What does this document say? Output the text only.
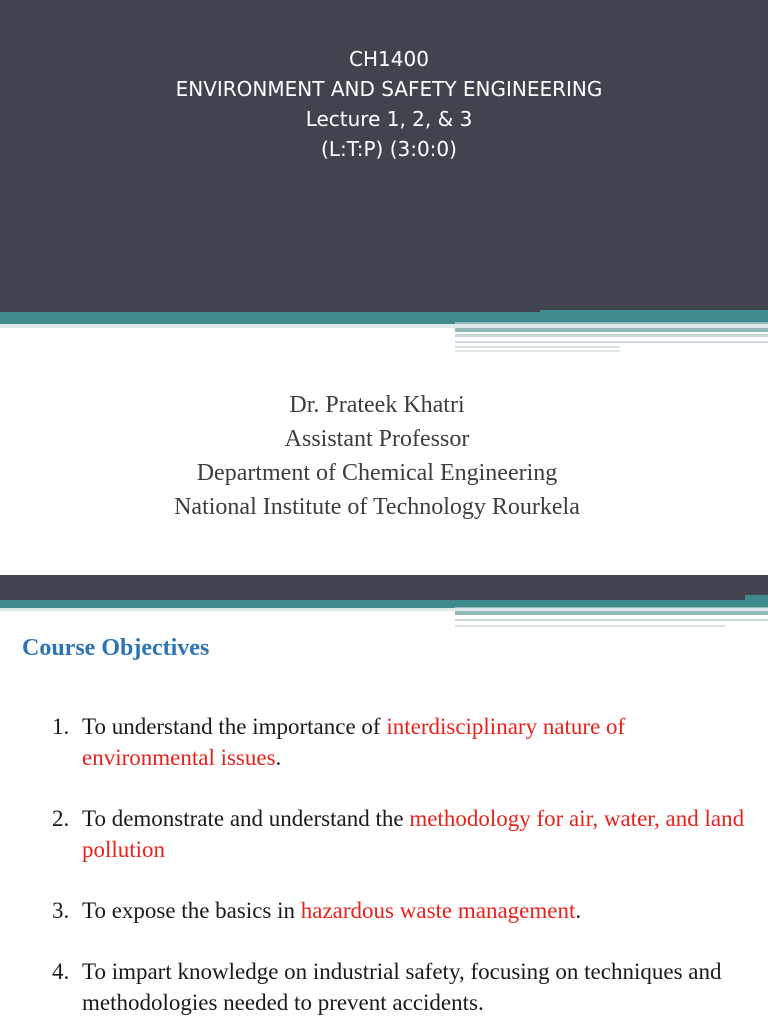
CH1400
ENVIRONMENT AND SAFETY ENGINEERING
Lecture 1, 2, & 3
(L:T:P) (3:0:0)
Dr. Prateek Khatri
Assistant Professor
Department of Chemical Engineering
National Institute of Technology Rourkela
Course Objectives
1. To understand the importance of interdisciplinary nature of environmental issues.
2. To demonstrate and understand the methodology for air, water, and land pollution
3. To expose the basics in hazardous waste management.
4. To impart knowledge on industrial safety, focusing on techniques and methodologies needed to prevent accidents.
